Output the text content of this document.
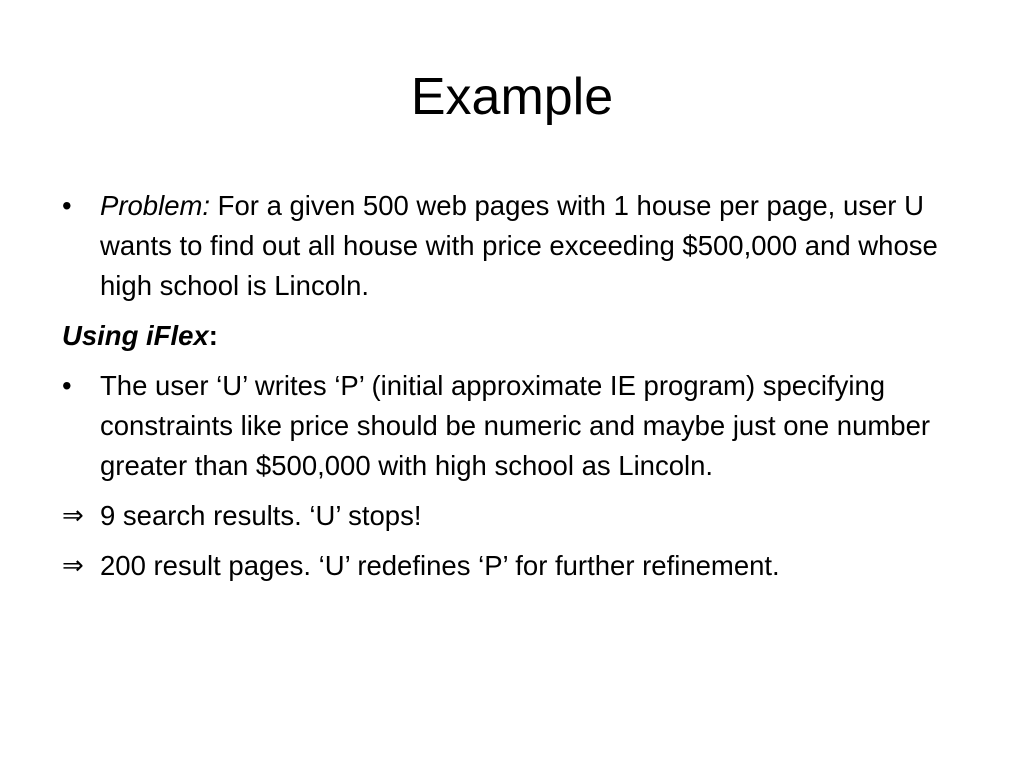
Example
•	Problem: For a given 500 web pages with 1 house per page, user U wants to find out all house with price exceeding $500,000 and whose high school is Lincoln.
Using iFlex:
•	The user ‘U’ writes ‘P’ (initial approximate IE program) specifying constraints like price should be numeric and maybe just one number greater than $500,000 with high school as Lincoln.
⇒ 9 search results. ‘U’ stops!
⇒ 200 result pages. ‘U’ redefines ‘P’ for further refinement.
